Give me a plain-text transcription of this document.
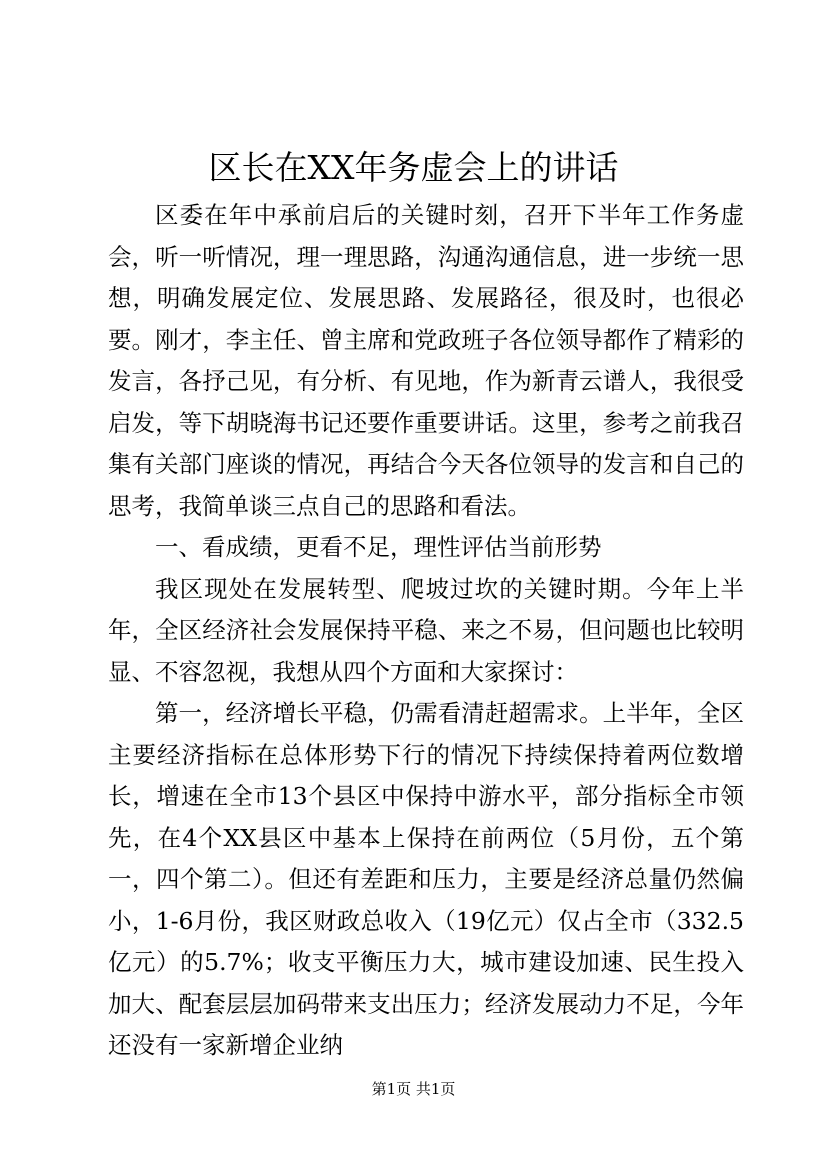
区长在XX年务虚会上的讲话

区委在年中承前启后的关键时刻，召开下半年工作务虚会，听一听情况，理一理思路，沟通沟通信息，进一步统一思想，明确发展定位、发展思路、发展路径，很及时，也很必要。刚才，李主任、曾主席和党政班子各位领导都作了精彩的发言，各抒己见，有分析、有见地，作为新青云谱人，我很受启发，等下胡晓海书记还要作重要讲话。这里，参考之前我召集有关部门座谈的情况，再结合今天各位领导的发言和自己的思考，我简单谈三点自己的思路和看法。

一、看成绩，更看不足，理性评估当前形势

我区现处在发展转型、爬坡过坎的关键时期。今年上半年，全区经济社会发展保持平稳、来之不易，但问题也比较明显、不容忽视，我想从四个方面和大家探讨：

第一，经济增长平稳，仍需看清赶超需求。上半年，全区主要经济指标在总体形势下行的情况下持续保持着两位数增长，增速在全市13个县区中保持中游水平，部分指标全市领先，在4个XX县区中基本上保持在前两位（5月份，五个第一，四个第二）。但还有差距和压力，主要是经济总量仍然偏小，1-6月份，我区财政总收入（19亿元）仅占全市（332.5亿元）的5.7%；收支平衡压力大，城市建设加速、民生投入加大、配套层层加码带来支出压力；经济发展动力不足，今年还没有一家新增企业纳

第1页 共1页
